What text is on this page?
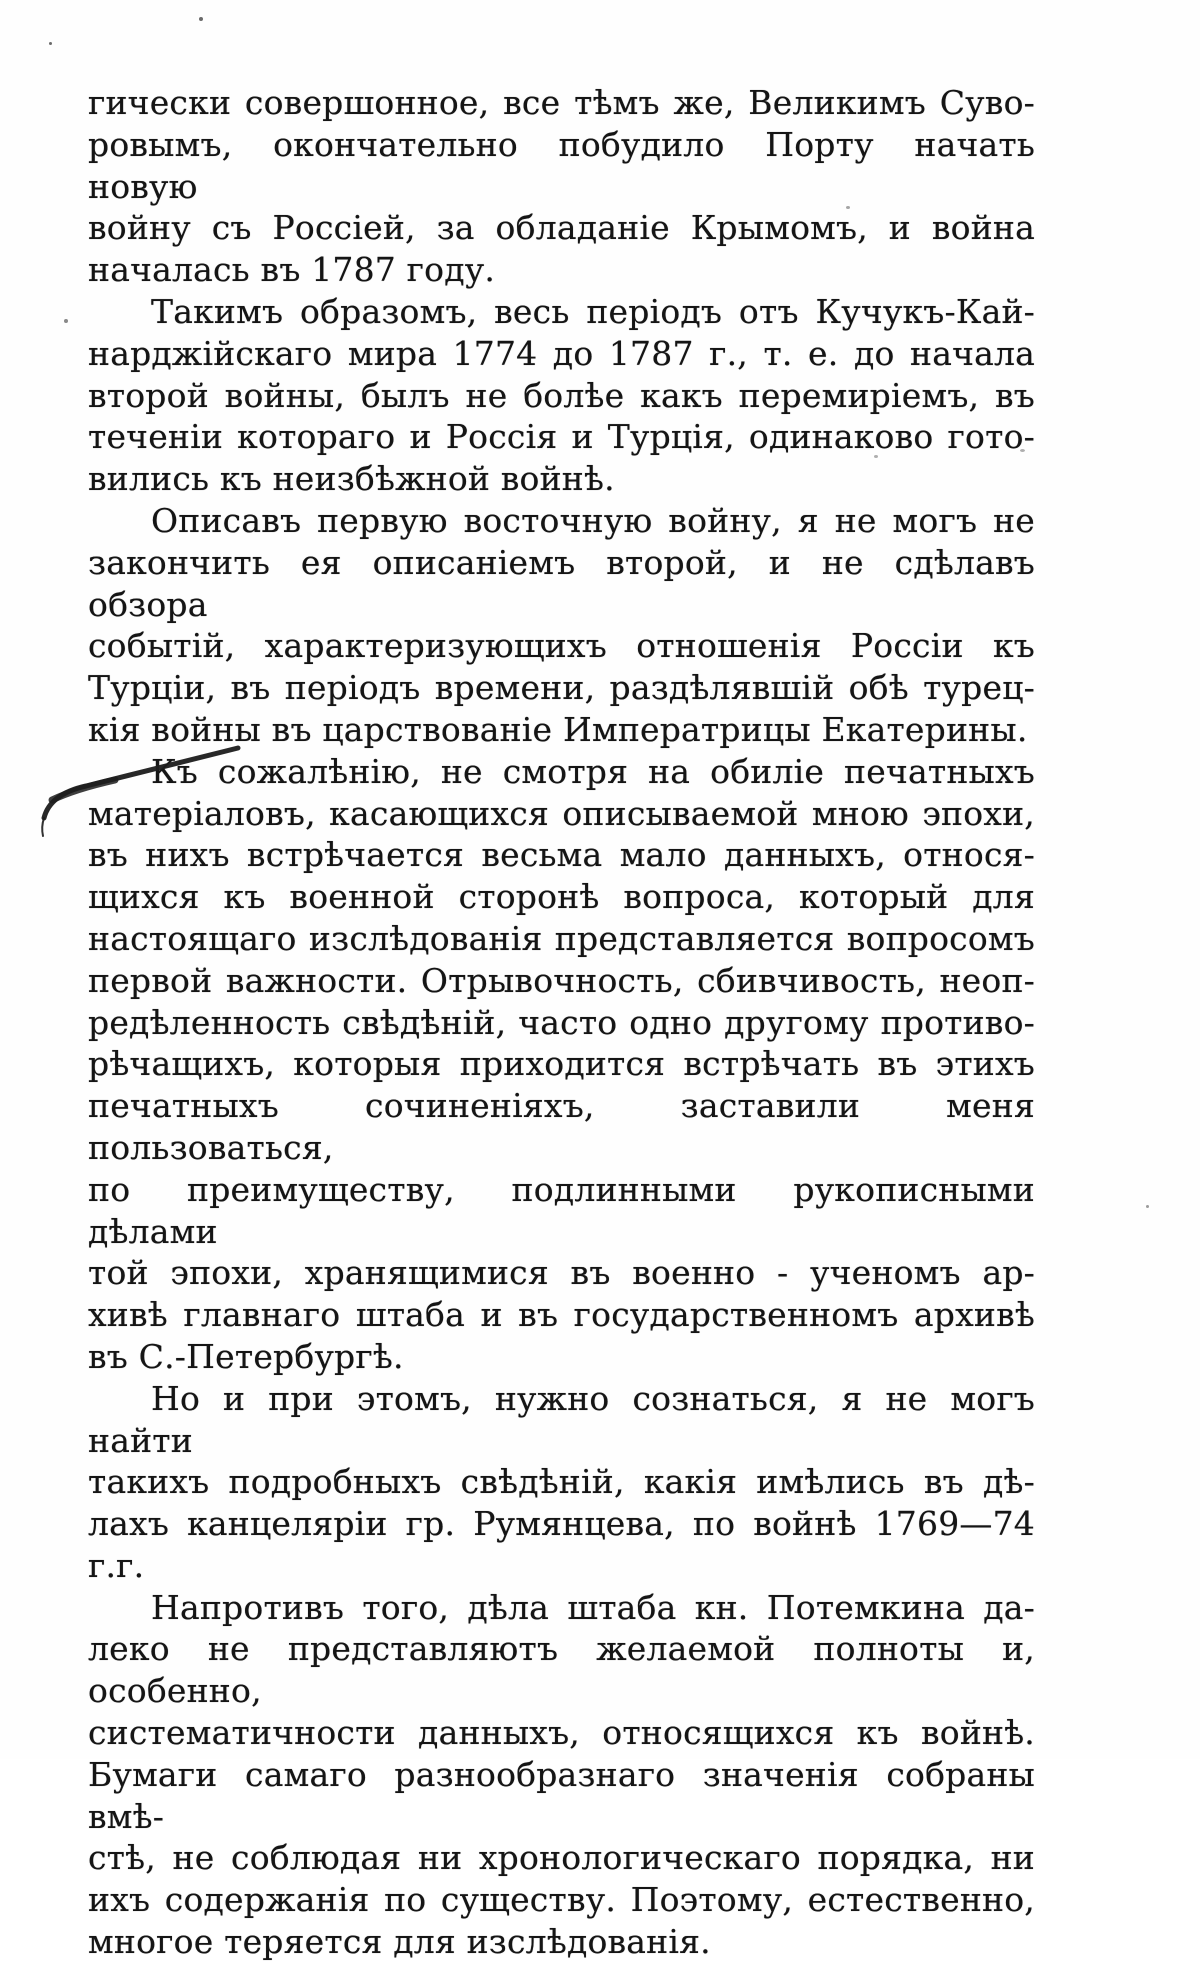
гически совершонное, все тѣмъ же, Великимъ Суво-
ровымъ, окончательно побудило Порту начать новую
войну съ Россіей, за обладаніе Крымомъ, и война
началась въ 1787 году.
Такимъ образомъ, весь періодъ отъ Кучукъ-Кай-
нарджійскаго мира 1774 до 1787 г., т. е. до начала
второй войны, былъ не болѣе какъ перемиріемъ, въ
теченіи котораго и Россія и Турція, одинаково гото-
вились къ неизбѣжной войнѣ.
Описавъ первую восточную войну, я не могъ не
закончить ея описаніемъ второй, и не сдѣлавъ обзора
событій, характеризующихъ отношенія Россіи къ
Турціи, въ періодъ времени, раздѣлявшій обѣ турец-
кія войны въ царствованіе Императрицы Екатерины.
Къ сожалѣнію, не смотря на обиліе печатныхъ
матеріаловъ, касающихся описываемой мною эпохи,
въ нихъ встрѣчается весьма мало данныхъ, относя-
щихся къ военной сторонѣ вопроса, который для
настоящаго изслѣдованія представляется вопросомъ
первой важности. Отрывочность, сбивчивость, неоп-
редѣленность свѣдѣній, часто одно другому противо-
рѣчащихъ, которыя приходится встрѣчать въ этихъ
печатныхъ сочиненіяхъ, заставили меня пользоваться,
по преимуществу, подлинными рукописными дѣлами
той эпохи, хранящимися въ военно - ученомъ ар-
хивѣ главнаго штаба и въ государственномъ архивѣ
въ С.-Петербургѣ.
Но и при этомъ, нужно сознаться, я не могъ найти
такихъ подробныхъ свѣдѣній, какія имѣлись въ дѣ-
лахъ канцеляріи гр. Румянцева, по войнѣ 1769—74 г.г.
Напротивъ того, дѣла штаба кн. Потемкина да-
леко не представляютъ желаемой полноты и, особенно,
систематичности данныхъ, относящихся къ войнѣ.
Бумаги самаго разнообразнаго значенія собраны вмѣ-
стѣ, не соблюдая ни хронологическаго порядка, ни
ихъ содержанія по существу. Поэтому, естественно,
многое теряется для изслѣдованія.
